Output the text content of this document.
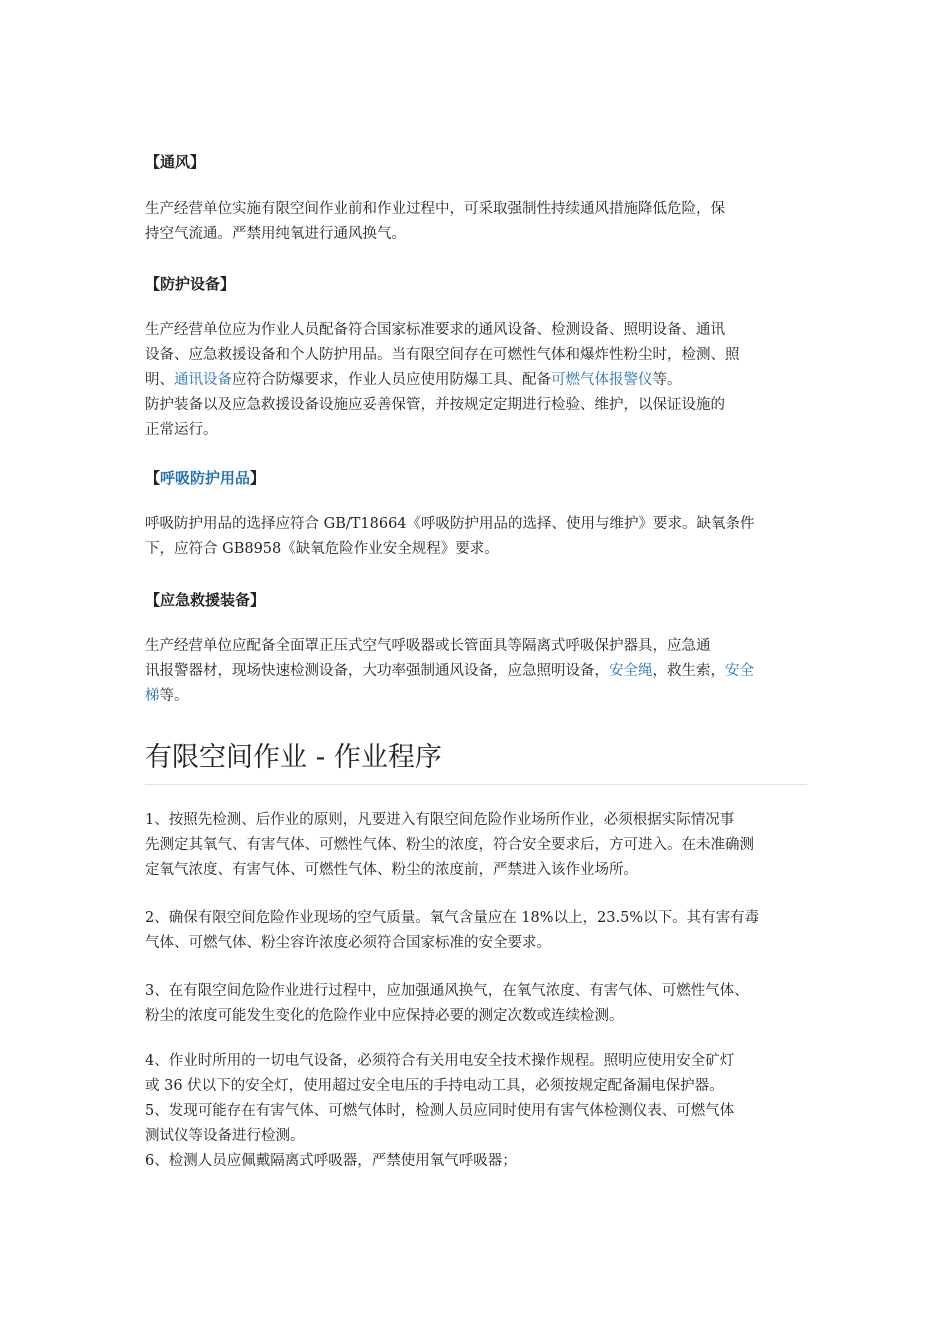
【通风】

生产经营单位实施有限空间作业前和作业过程中，可采取强制性持续通风措施降低危险，保
持空气流通。严禁用纯氧进行通风换气。

【防护设备】

生产经营单位应为作业人员配备符合国家标准要求的通风设备、检测设备、照明设备、通讯
设备、应急救援设备和个人防护用品。当有限空间存在可燃性气体和爆炸性粉尘时，检测、照
明、通讯设备应符合防爆要求，作业人员应使用防爆工具、配备可燃气体报警仪等。
防护装备以及应急救援设备设施应妥善保管，并按规定定期进行检验、维护，以保证设施的
正常运行。

【呼吸防护用品】

呼吸防护用品的选择应符合 GB/T18664《呼吸防护用品的选择、使用与维护》要求。缺氧条件
下，应符合 GB8958《缺氧危险作业安全规程》要求。

【应急救援装备】

生产经营单位应配备全面罩正压式空气呼吸器或长管面具等隔离式呼吸保护器具，应急通
讯报警器材，现场快速检测设备，大功率强制通风设备，应急照明设备，安全绳，救生索，安全
梯等。

有限空间作业 - 作业程序

1、按照先检测、后作业的原则，凡要进入有限空间危险作业场所作业，必须根据实际情况事
先测定其氧气、有害气体、可燃性气体、粉尘的浓度，符合安全要求后，方可进入。在未准确测
定氧气浓度、有害气体、可燃性气体、粉尘的浓度前，严禁进入该作业场所。

2、确保有限空间危险作业现场的空气质量。氧气含量应在 18%以上，23.5%以下。其有害有毒
气体、可燃气体、粉尘容许浓度必须符合国家标准的安全要求。

3、在有限空间危险作业进行过程中，应加强通风换气，在氧气浓度、有害气体、可燃性气体、
粉尘的浓度可能发生变化的危险作业中应保持必要的测定次数或连续检测。

4、作业时所用的一切电气设备，必须符合有关用电安全技术操作规程。照明应使用安全矿灯
或 36 伏以下的安全灯，使用超过安全电压的手持电动工具，必须按规定配备漏电保护器。
5、发现可能存在有害气体、可燃气体时，检测人员应同时使用有害气体检测仪表、可燃气体
测试仪等设备进行检测。
6、检测人员应佩戴隔离式呼吸器，严禁使用氧气呼吸器；
